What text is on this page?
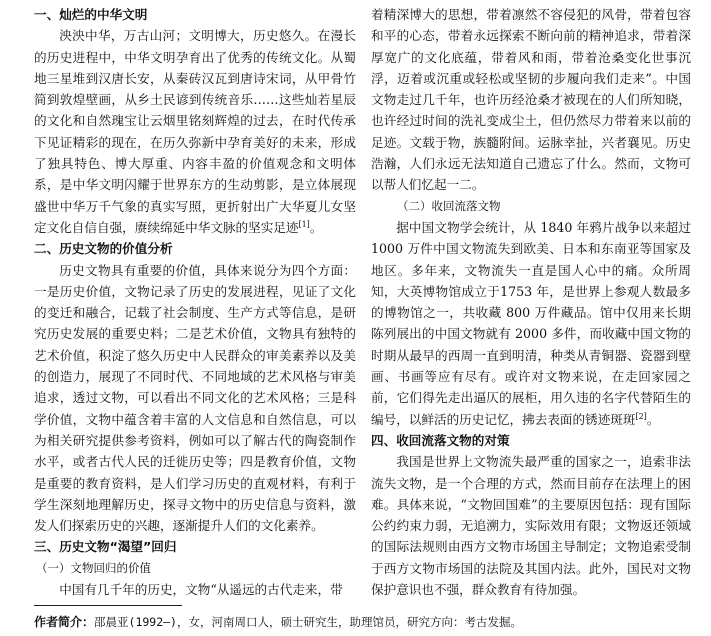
一、灿烂的中华文明

泱泱中华，万古山河；文明博大，历史悠久。在漫长的历史进程中，中华文明孕育出了优秀的传统文化。从蜀地三星堆到汉唐长安，从秦砖汉瓦到唐诗宋词，从甲骨竹简到敦煌壁画，从乡土民谚到传统音乐……这些灿若星辰的文化和自然瑰宝让云烟里铭刻辉煌的过去，在时代传承下见证精彩的现在，在历久弥新中孕育美好的未来，形成了独具特色、博大厚重、内容丰盈的价值观念和文明体系，是中华文明闪耀于世界东方的生动剪影，是立体展现盛世中华万千气象的真实写照，更折射出广大华夏儿女坚定文化自信自强，赓续绵延中华文脉的坚实足迹[1]。

二、历史文物的价值分析

历史文物具有重要的价值，具体来说分为四个方面：一是历史价值，文物记录了历史的发展进程，见证了文化的变迁和融合，记载了社会制度、生产方式等信息，是研究历史发展的重要史料；二是艺术价值，文物具有独特的艺术价值，积淀了悠久历史中人民群众的审美素养以及美的创造力，展现了不同时代、不同地域的艺术风格与审美追求，透过文物，可以看出不同文化的艺术风格；三是科学价值，文物中蕴含着丰富的人文信息和自然信息，可以为相关研究提供参考资料，例如可以了解古代的陶瓷制作水平，或者古代人民的迁徙历史等；四是教育价值，文物是重要的教育资料，是人们学习历史的直观材料，有利于学生深刻地理解历史，探寻文物中的历史信息与资料，激发人们探索历史的兴趣，逐渐提升人们的文化素养。

三、历史文物“渴望”回归
（一）文物回归的价值

中国有几千年的历史，文物“从遥远的古代走来，带

着精深博大的思想，带着凛然不容侵犯的风骨，带着包容和平的心态，带着永远探索不断向前的精神追求，带着深厚宽广的文化底蕴，带着风和雨，带着沧桑变化世事沉浮，迈着或沉重或轻松或坚韧的步履向我们走来”。中国文物走过几千年，也许历经沧桑才被现在的人们所知晓，也许经过时间的洗礼变成尘土，但仍然尽力带着来以前的足迹。文载于物，族髓附间。运脉幸扯，兴者襄见。历史浩瀚，人们永远无法知道自己遗忘了什么。然而，文物可以帮人们忆起一二。

（二）收回流落文物

据中国文物学会统计，从 1840 年鸦片战争以来超过 1000 万件中国文物流失到欧美、日本和东南亚等国家及地区。多年来，文物流失一直是国人心中的痛。众所周知，大英博物馆成立于1753 年，是世界上参观人数最多的博物馆之一，共收藏 800 万件藏品。馆中仅用来长期陈列展出的中国文物就有 2000 多件，而收藏中国文物的时期从最早的西周一直到明清，种类从青铜器、瓷器到壁画、书画等应有尽有。或许对文物来说，在走回家园之前，它们得先走出逼仄的展柜，用久违的名字代替陌生的编号，以鲜活的历史记忆，拂去表面的锈迹斑斑[2]。

四、收回流落文物的对策

我国是世界上文物流失最严重的国家之一，追索非法流失文物，是一个合理的方式，然而目前存在法理上的困难。具体来说，“文物回国难”的主要原因包括：现有国际公约约束力弱，无追溯力，实际效用有限；文物返还领域的国际法规则由西方文物市场国主导制定；文物追索受制于西方文物市场国的法院及其国内法。此外，国民对文物保护意识也不强，群众教育有待加强。

作者简介：邵晨亚(1992—)，女，河南周口人，硕士研究生，助理馆员，研究方向：考古发掘。
